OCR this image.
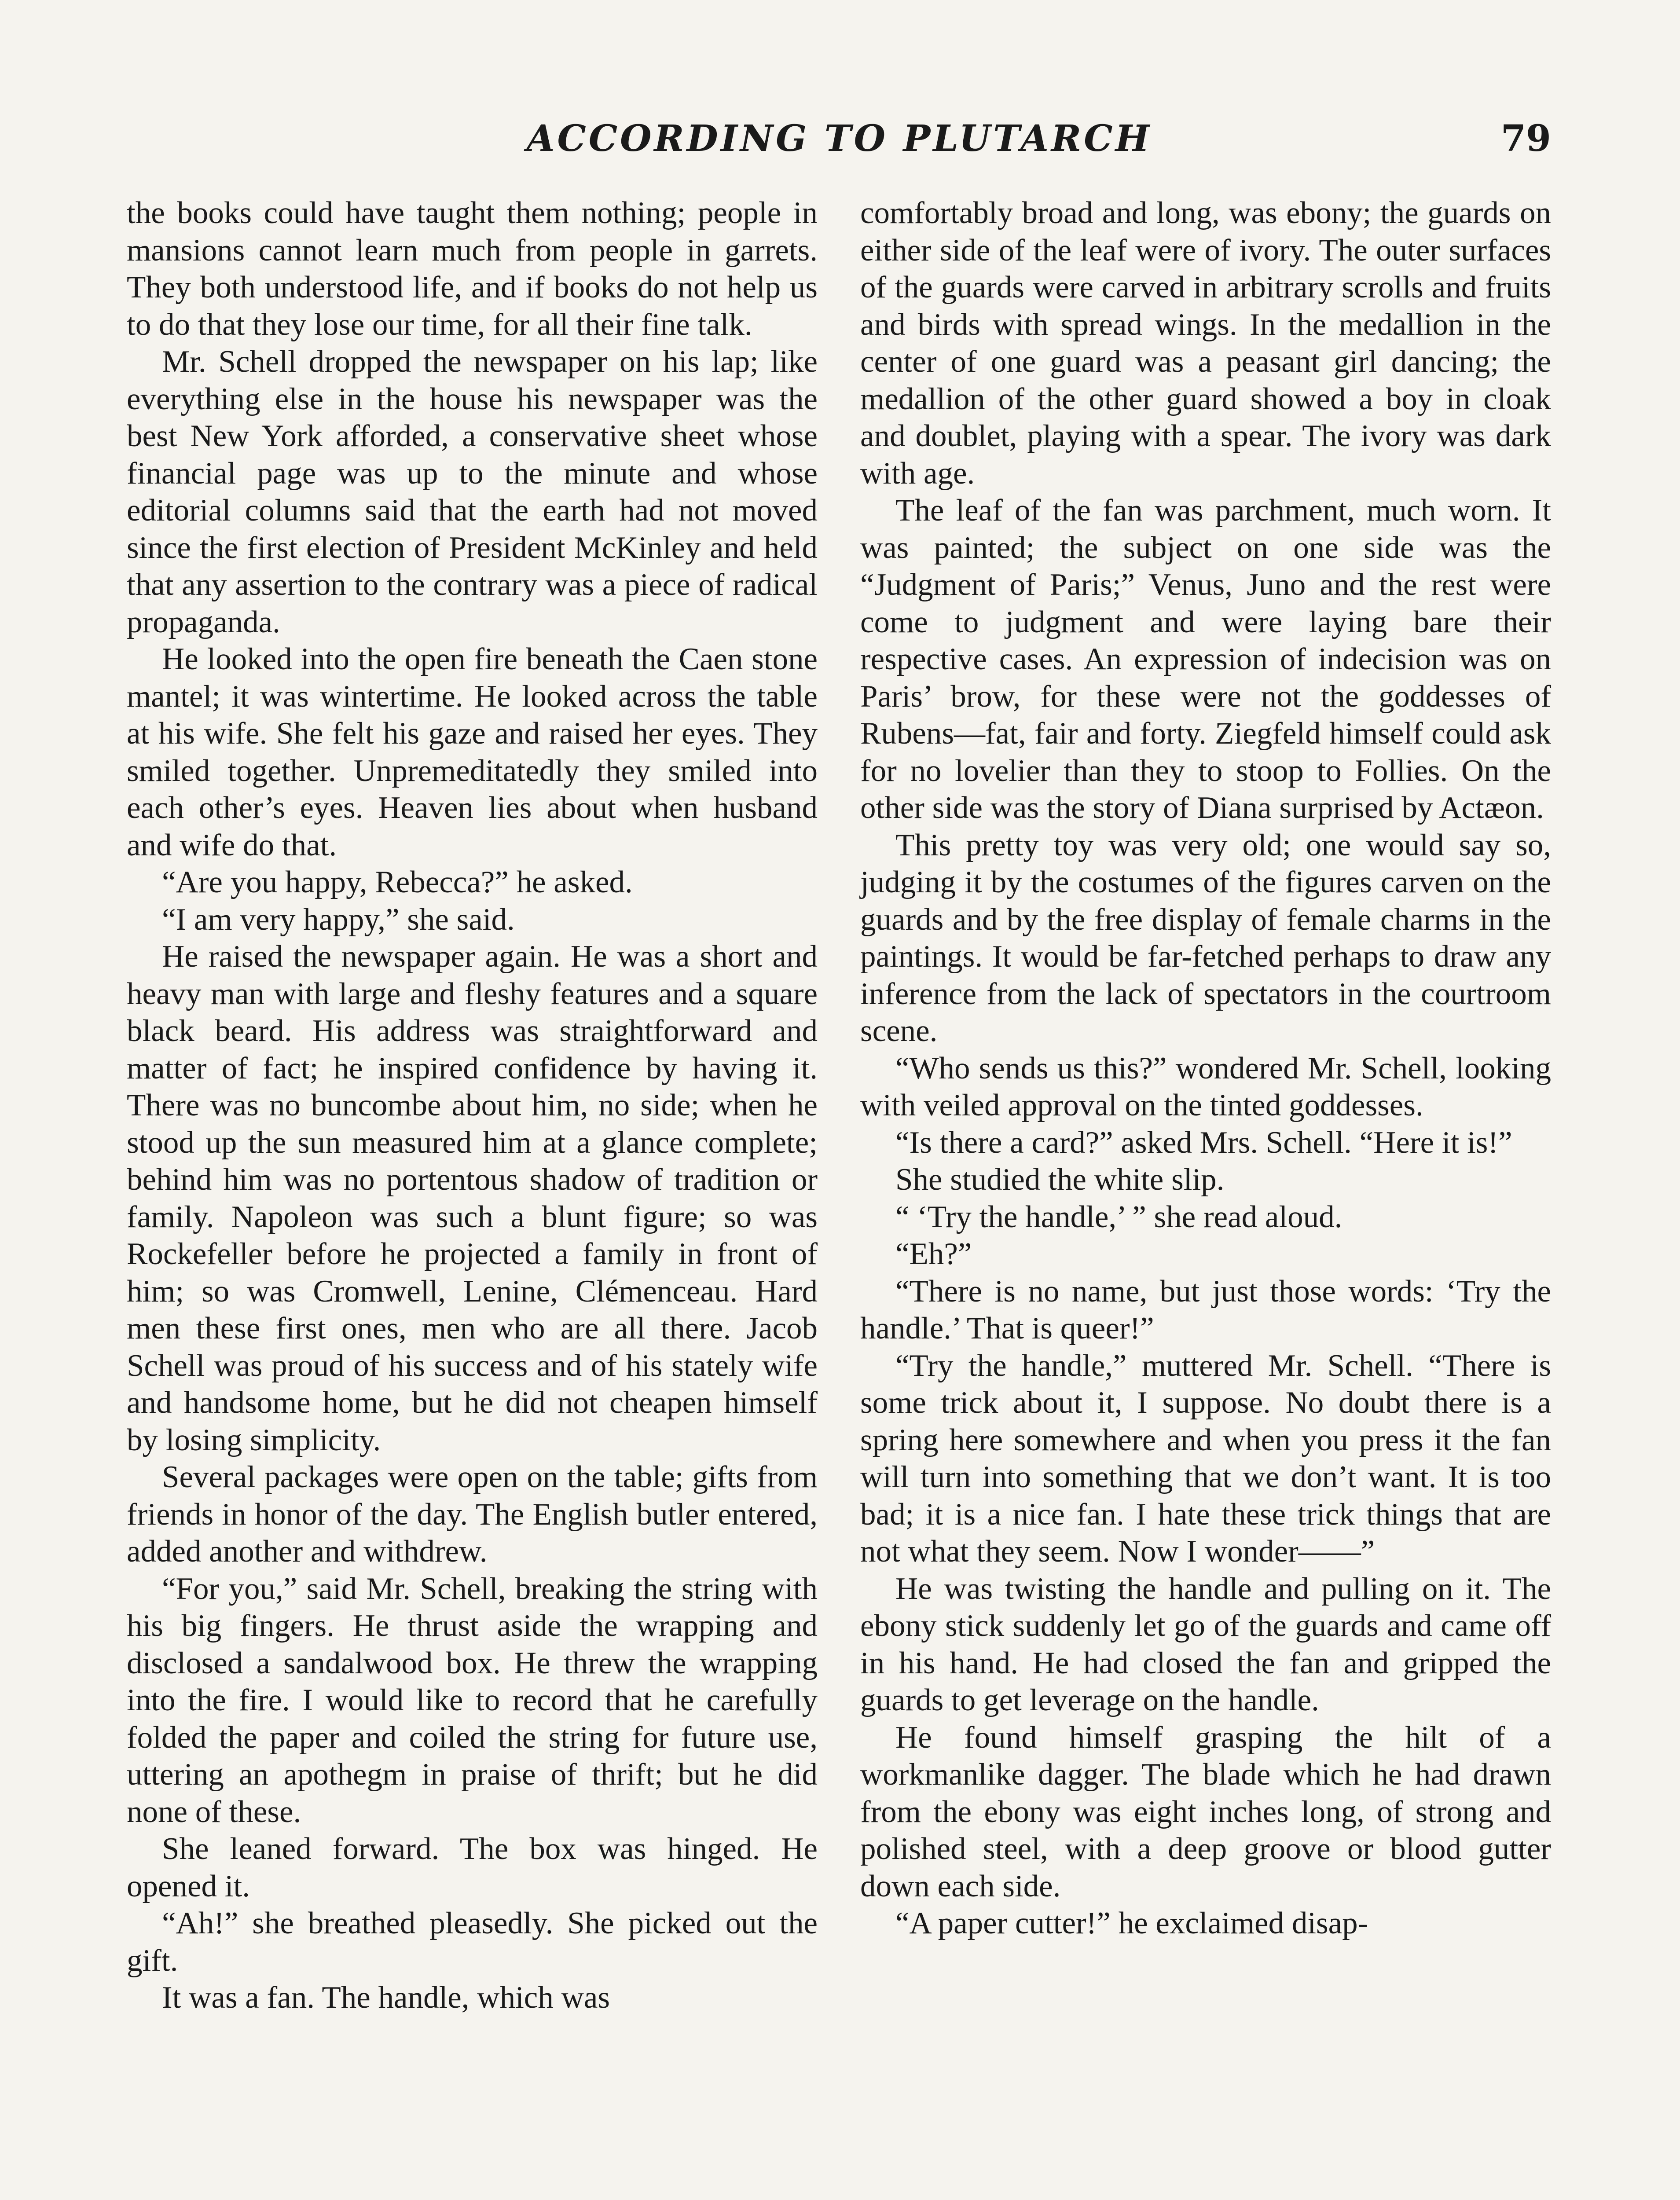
ACCORDING TO PLUTARCH	79

the books could have taught them nothing; people in mansions cannot learn much from people in garrets. They both understood life, and if books do not help us to do that they lose our time, for all their fine talk.

Mr. Schell dropped the newspaper on his lap; like everything else in the house his newspaper was the best New York afforded, a conservative sheet whose financial page was up to the minute and whose editorial columns said that the earth had not moved since the first election of President McKinley and held that any assertion to the contrary was a piece of radical propaganda.

He looked into the open fire beneath the Caen stone mantel; it was wintertime. He looked across the table at his wife. She felt his gaze and raised her eyes. They smiled together. Unpremeditatedly they smiled into each other’s eyes. Heaven lies about when husband and wife do that.

“Are you happy, Rebecca?” he asked.

“I am very happy,” she said.

He raised the newspaper again. He was a short and heavy man with large and fleshy features and a square black beard. His address was straightforward and matter of fact; he inspired confidence by having it. There was no buncombe about him, no side; when he stood up the sun measured him at a glance complete; behind him was no portentous shadow of tradition or family. Napoleon was such a blunt figure; so was Rockefeller before he projected a family in front of him; so was Cromwell, Lenine, Clémenceau. Hard men these first ones, men who are all there. Jacob Schell was proud of his success and of his stately wife and handsome home, but he did not cheapen himself by losing simplicity.

Several packages were open on the table; gifts from friends in honor of the day. The English butler entered, added another and withdrew.

“For you,” said Mr. Schell, breaking the string with his big fingers. He thrust aside the wrapping and disclosed a sandalwood box. He threw the wrapping into the fire. I would like to record that he carefully folded the paper and coiled the string for future use, uttering an apothegm in praise of thrift; but he did none of these.

She leaned forward. The box was hinged. He opened it.

“Ah!” she breathed pleasedly. She picked out the gift.

It was a fan. The handle, which was

comfortably broad and long, was ebony; the guards on either side of the leaf were of ivory. The outer surfaces of the guards were carved in arbitrary scrolls and fruits and birds with spread wings. In the medallion in the center of one guard was a peasant girl dancing; the medallion of the other guard showed a boy in cloak and doublet, playing with a spear. The ivory was dark with age.

The leaf of the fan was parchment, much worn. It was painted; the subject on one side was the “Judgment of Paris;” Venus, Juno and the rest were come to judgment and were laying bare their respective cases. An expression of indecision was on Paris’ brow, for these were not the goddesses of Rubens—fat, fair and forty. Ziegfeld himself could ask for no lovelier than they to stoop to Follies. On the other side was the story of Diana surprised by Actæon.

This pretty toy was very old; one would say so, judging it by the costumes of the figures carven on the guards and by the free display of female charms in the paintings. It would be far-fetched perhaps to draw any inference from the lack of spectators in the courtroom scene.

“Who sends us this?” wondered Mr. Schell, looking with veiled approval on the tinted goddesses.

“Is there a card?” asked Mrs. Schell. “Here it is!”

She studied the white slip.

“ ‘Try the handle,’ ” she read aloud.

“Eh?”

“There is no name, but just those words: ‘Try the handle.’ That is queer!”

“Try the handle,” muttered Mr. Schell. “There is some trick about it, I suppose. No doubt there is a spring here somewhere and when you press it the fan will turn into something that we don’t want. It is too bad; it is a nice fan. I hate these trick things that are not what they seem. Now I wonder——”

He was twisting the handle and pulling on it. The ebony stick suddenly let go of the guards and came off in his hand. He had closed the fan and gripped the guards to get leverage on the handle.

He found himself grasping the hilt of a workmanlike dagger. The blade which he had drawn from the ebony was eight inches long, of strong and polished steel, with a deep groove or blood gutter down each side.

“A paper cutter!” he exclaimed disap-
